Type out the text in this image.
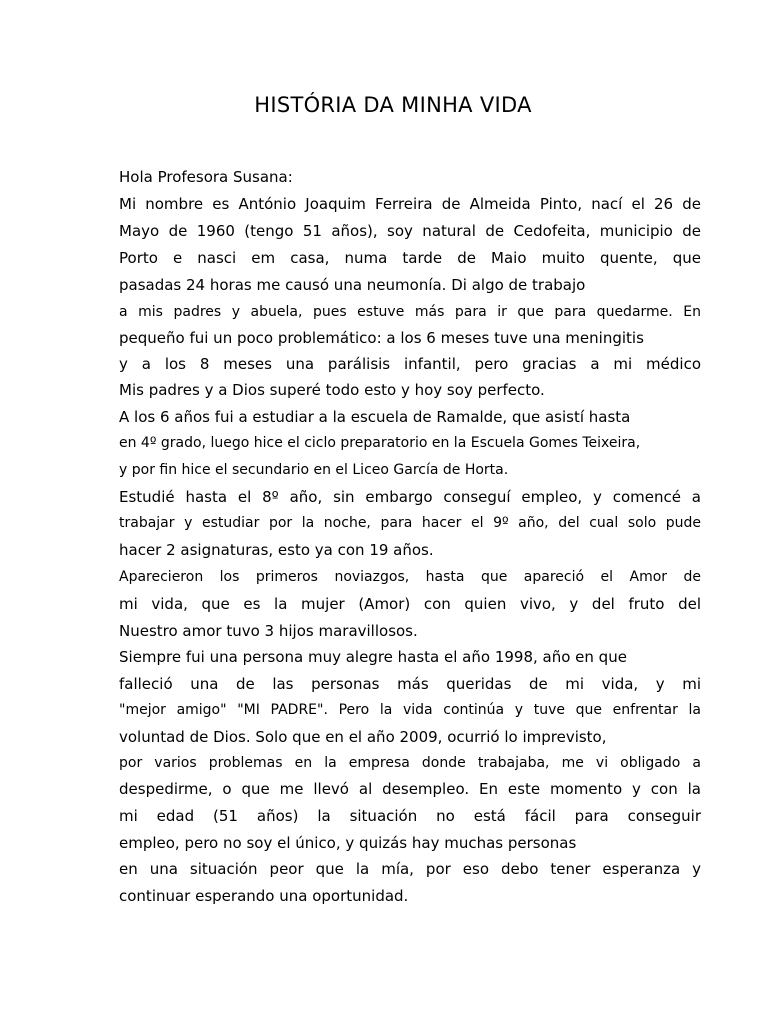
HISTÓRIA DA MINHA VIDA
Hola Profesora Susana:
Mi nombre es António Joaquim Ferreira de Almeida Pinto, nací el 26 de
Mayo de 1960 (tengo 51 años), soy natural de Cedofeita, municipio de
Porto e nasci em casa, numa tarde de Maio muito quente, que
pasadas 24 horas me causó una neumonía. Di algo de trabajo
a mis padres y abuela, pues estuve más para ir que para quedarme. En
pequeño fui un poco problemático: a los 6 meses tuve una meningitis
y a los 8 meses una parálisis infantil, pero gracias a mi médico
Mis padres y a Dios superé todo esto y hoy soy perfecto.
A los 6 años fui a estudiar a la escuela de Ramalde, que asistí hasta
en 4º grado, luego hice el ciclo preparatorio en la Escuela Gomes Teixeira,
y por fin hice el secundario en el Liceo García de Horta.
Estudié hasta el 8º año, sin embargo conseguí empleo, y comencé a
trabajar y estudiar por la noche, para hacer el 9º año, del cual solo pude
hacer 2 asignaturas, esto ya con 19 años.
Aparecieron los primeros noviazgos, hasta que apareció el Amor de
mi vida, que es la mujer (Amor) con quien vivo, y del fruto del
Nuestro amor tuvo 3 hijos maravillosos.
Siempre fui una persona muy alegre hasta el año 1998, año en que
falleció una de las personas más queridas de mi vida, y mi
"mejor amigo" "MI PADRE". Pero la vida continúa y tuve que enfrentar la
voluntad de Dios. Solo que en el año 2009, ocurrió lo imprevisto,
por varios problemas en la empresa donde trabajaba, me vi obligado a
despedirme, o que me llevó al desempleo. En este momento y con la
mi edad (51 años) la situación no está fácil para conseguir
empleo, pero no soy el único, y quizás hay muchas personas
en una situación peor que la mía, por eso debo tener esperanza y
continuar esperando una oportunidad.
